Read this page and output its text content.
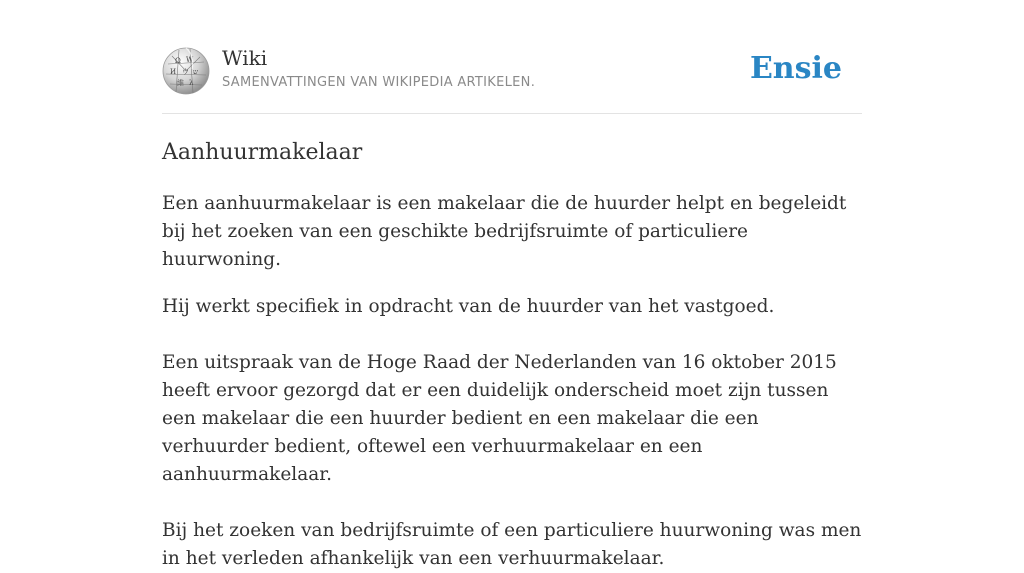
Ω W
И ウ ש
維 λ
Wiki
SAMENVATTINGEN VAN WIKIPEDIA ARTIKELEN.	Ensie
Aanhuurmakelaar

Een aanhuurmakelaar is een makelaar die de huurder helpt en begeleidt bij het zoeken van een geschikte bedrijfsruimte of particuliere huurwoning.

Hij werkt specifiek in opdracht van de huurder van het vastgoed.

Een uitspraak van de Hoge Raad der Nederlanden van 16 oktober 2015 heeft ervoor gezorgd dat er een duidelijk onderscheid moet zijn tussen een makelaar die een huurder bedient en een makelaar die een verhuurder bedient, oftewel een verhuurmakelaar en een aanhuurmakelaar.

Bij het zoeken van bedrijfsruimte of een particuliere huurwoning was men in het verleden afhankelijk van een verhuurmakelaar.
